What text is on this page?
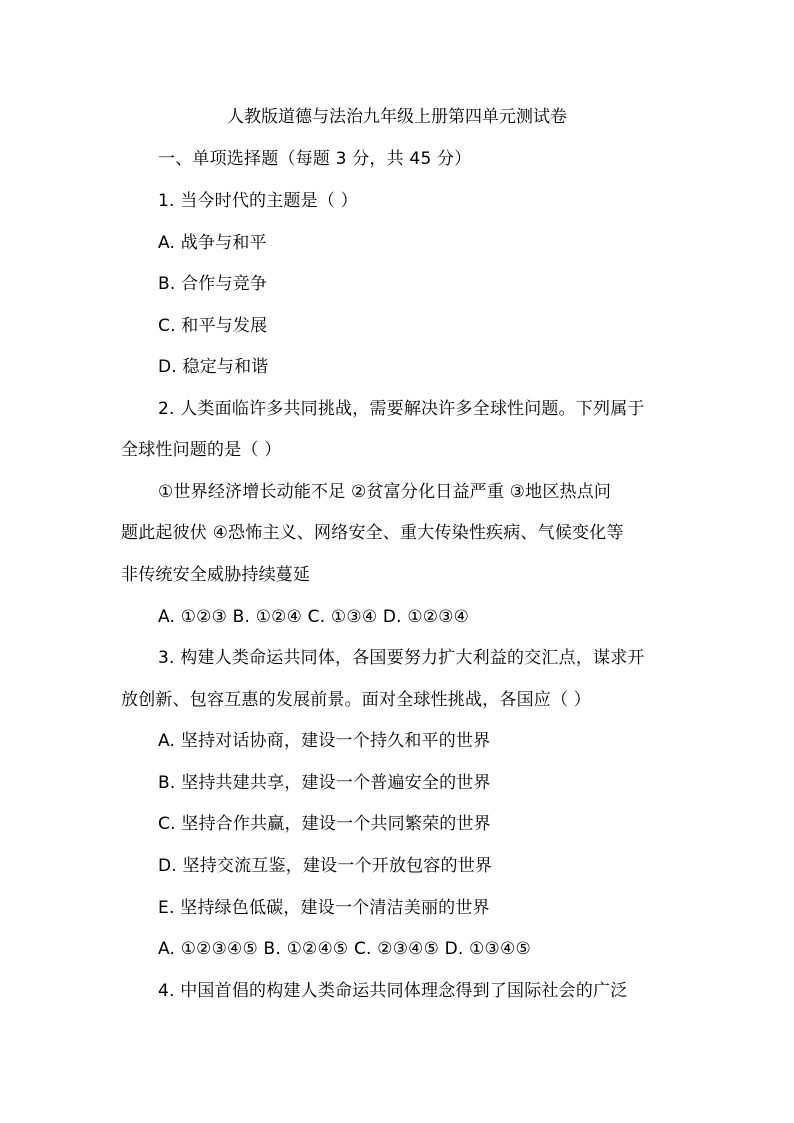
人教版道德与法治九年级上册第四单元测试卷
一、单项选择题（每题 3 分，共 45 分）
1. 当今时代的主题是（ ）
A. 战争与和平
B. 合作与竞争
C. 和平与发展
D. 稳定与和谐
2. 人类面临许多共同挑战，需要解决许多全球性问题。下列属于
全球性问题的是（ ）
①世界经济增长动能不足 ②贫富分化日益严重 ③地区热点问
题此起彼伏 ④恐怖主义、网络安全、重大传染性疾病、气候变化等
非传统安全威胁持续蔓延
A. ①②③ B. ①②④ C. ①③④ D. ①②③④
3. 构建人类命运共同体，各国要努力扩大利益的交汇点，谋求开
放创新、包容互惠的发展前景。面对全球性挑战，各国应（ ）
A. 坚持对话协商，建设一个持久和平的世界
B. 坚持共建共享，建设一个普遍安全的世界
C. 坚持合作共赢，建设一个共同繁荣的世界
D. 坚持交流互鉴，建设一个开放包容的世界
E. 坚持绿色低碳，建设一个清洁美丽的世界
A. ①②③④⑤ B. ①②④⑤ C. ②③④⑤ D. ①③④⑤
4. 中国首倡的构建人类命运共同体理念得到了国际社会的广泛
